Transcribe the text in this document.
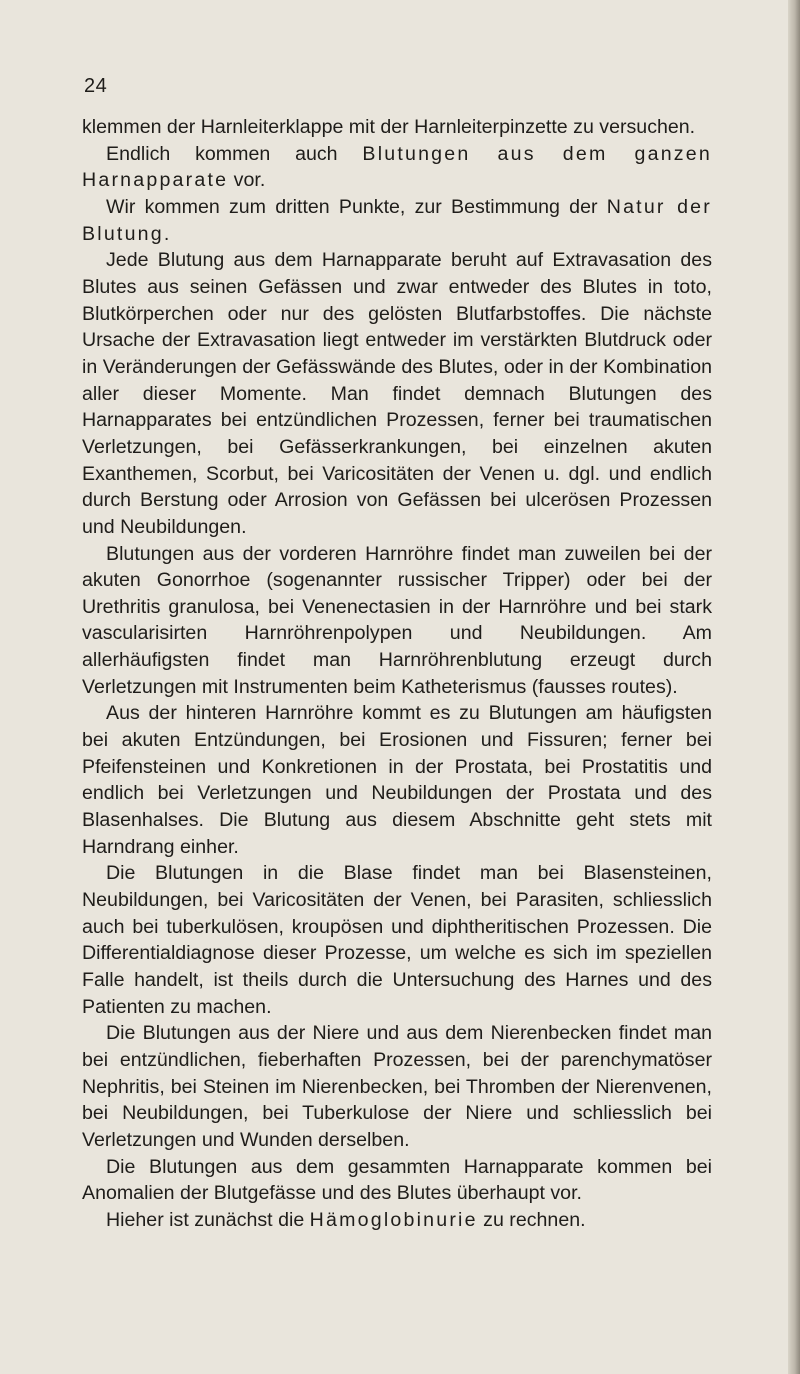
24

klemmen der Harnleiterklappe mit der Harnleiterpinzette zu versuchen.

Endlich kommen auch Blutungen aus dem ganzen Harnapparate vor.

Wir kommen zum dritten Punkte, zur Bestimmung der Natur der Blutung.

Jede Blutung aus dem Harnapparate beruht auf Extravasation des Blutes aus seinen Gefässen und zwar entweder des Blutes in toto, Blutkörperchen oder nur des gelösten Blutfarbstoffes. Die nächste Ursache der Extravasation liegt entweder im verstärkten Blutdruck oder in Veränderungen der Gefässwände des Blutes, oder in der Kombination aller dieser Momente. Man findet demnach Blutungen des Harnapparates bei entzündlichen Prozessen, ferner bei traumatischen Verletzungen, bei Gefässerkrankungen, bei einzelnen akuten Exanthemen, Scorbut, bei Varicositäten der Venen u. dgl. und endlich durch Berstung oder Arrosion von Gefässen bei ulcerösen Prozessen und Neubildungen.

Blutungen aus der vorderen Harnröhre findet man zuweilen bei der akuten Gonorrhoe (sogenannter russischer Tripper) oder bei der Urethritis granulosa, bei Venenectasien in der Harnröhre und bei stark vascularisirten Harnröhrenpolypen und Neubildungen. Am allerhäufigsten findet man Harnröhrenblutung erzeugt durch Verletzungen mit Instrumenten beim Katheterismus (fausses routes).

Aus der hinteren Harnröhre kommt es zu Blutungen am häufigsten bei akuten Entzündungen, bei Erosionen und Fissuren; ferner bei Pfeifensteinen und Konkretionen in der Prostata, bei Prostatitis und endlich bei Verletzungen und Neubildungen der Prostata und des Blasenhalses. Die Blutung aus diesem Abschnitte geht stets mit Harndrang einher.

Die Blutungen in die Blase findet man bei Blasensteinen, Neubildungen, bei Varicositäten der Venen, bei Parasiten, schliesslich auch bei tuberkulösen, kroupösen und diphtheritischen Prozessen. Die Differentialdiagnose dieser Prozesse, um welche es sich im speziellen Falle handelt, ist theils durch die Untersuchung des Harnes und des Patienten zu machen.

Die Blutungen aus der Niere und aus dem Nierenbecken findet man bei entzündlichen, fieberhaften Prozessen, bei der parenchymatöser Nephritis, bei Steinen im Nierenbecken, bei Thromben der Nierenvenen, bei Neubildungen, bei Tuberkulose der Niere und schliesslich bei Verletzungen und Wunden derselben.

Die Blutungen aus dem gesammten Harnapparate kommen bei Anomalien der Blutgefässe und des Blutes überhaupt vor.

Hieher ist zunächst die Hämoglobinurie zu rechnen.
